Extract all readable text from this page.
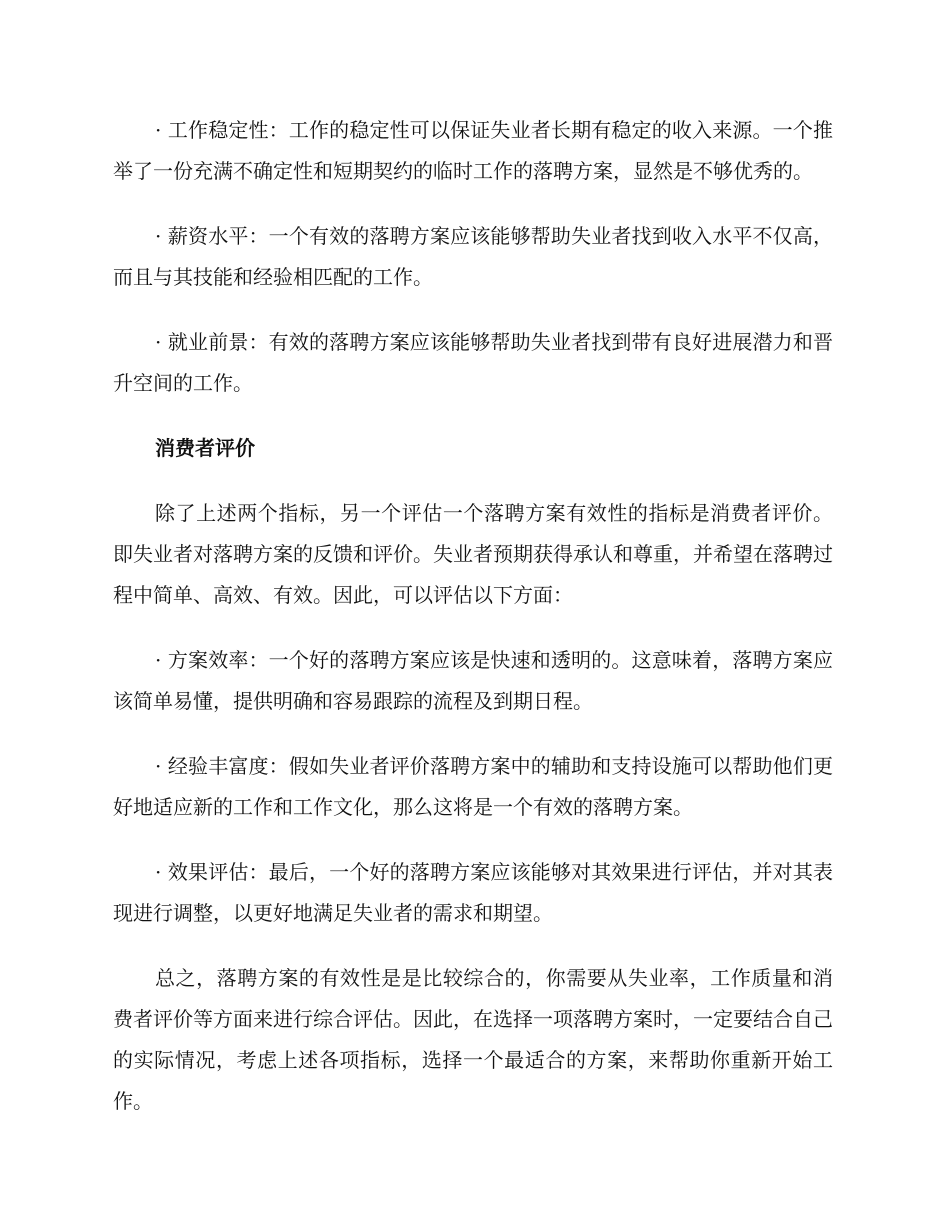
· 工作稳定性：工作的稳定性可以保证失业者长期有稳定的收入来源。一个推举了一份充满不确定性和短期契约的临时工作的落聘方案，显然是不够优秀的。

· 薪资水平：一个有效的落聘方案应该能够帮助失业者找到收入水平不仅高，而且与其技能和经验相匹配的工作。

· 就业前景：有效的落聘方案应该能够帮助失业者找到带有良好进展潜力和晋升空间的工作。

消费者评价

除了上述两个指标，另一个评估一个落聘方案有效性的指标是消费者评价。即失业者对落聘方案的反馈和评价。失业者预期获得承认和尊重，并希望在落聘过程中简单、高效、有效。因此，可以评估以下方面：

· 方案效率：一个好的落聘方案应该是快速和透明的。这意味着，落聘方案应该简单易懂，提供明确和容易跟踪的流程及到期日程。

· 经验丰富度：假如失业者评价落聘方案中的辅助和支持设施可以帮助他们更好地适应新的工作和工作文化，那么这将是一个有效的落聘方案。

· 效果评估：最后，一个好的落聘方案应该能够对其效果进行评估，并对其表现进行调整，以更好地满足失业者的需求和期望。

总之，落聘方案的有效性是是比较综合的，你需要从失业率，工作质量和消费者评价等方面来进行综合评估。因此，在选择一项落聘方案时，一定要结合自己的实际情况，考虑上述各项指标，选择一个最适合的方案，来帮助你重新开始工作。
